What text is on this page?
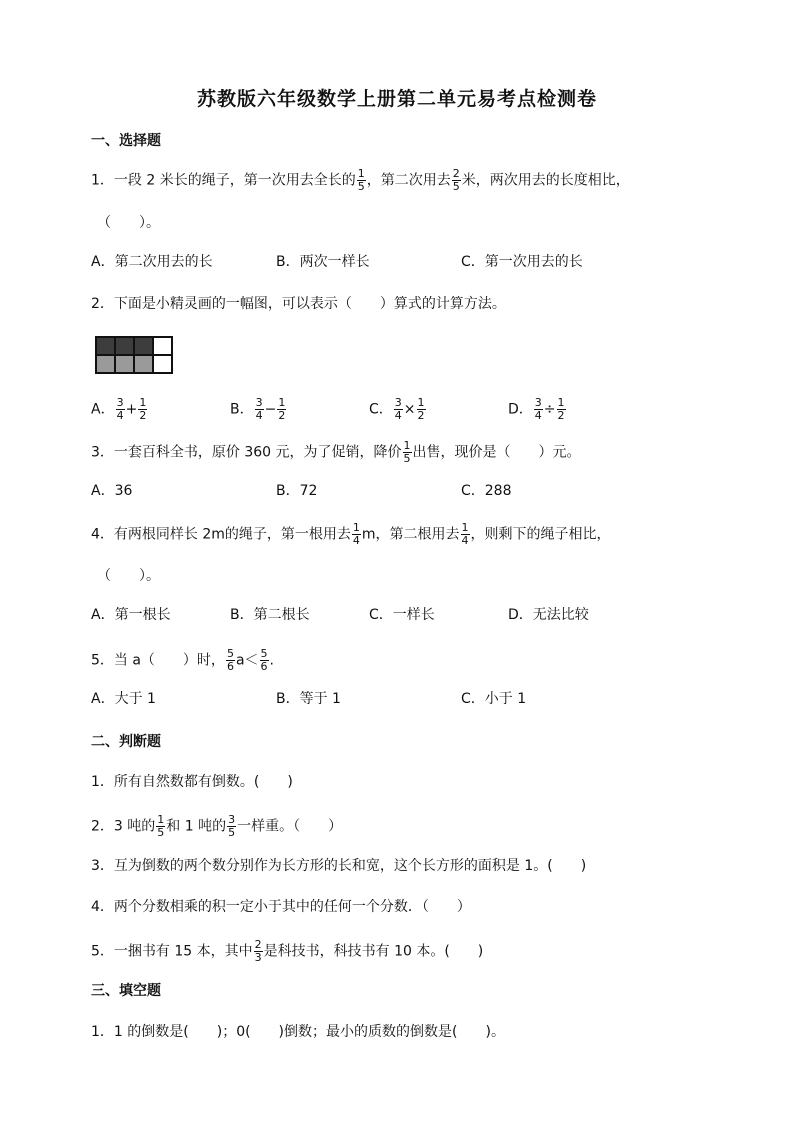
苏教版六年级数学上册第二单元易考点检测卷
一、选择题
1．一段 2 米长的绳子，第一次用去全长的 $\frac{1}{5}$ ，第二次用去 $\frac{2}{5}$ 米，两次用去的长度相比，
（　　）。
A．第二次用去的长	B．两次一样长	C．第一次用去的长
2．下面是小精灵画的一幅图，可以表示（　　）算式的计算方法。
A． $\frac{3}{4} + \frac{1}{2}$	B． $\frac{3}{4} - \frac{1}{2}$	C． $\frac{3}{4} \times \frac{1}{2}$	D． $\frac{3}{4} \div \frac{1}{2}$
3．一套百科全书，原价 360 元，为了促销，降价 $\frac{1}{5}$ 出售，现价是（　　）元。
A．36	B．72	C．288
4．有两根同样长 2m的绳子，第一根用去 $\frac{1}{4}$ m，第二根用去 $\frac{1}{4}$ ，则剩下的绳子相比，
（　　）。
A．第一根长	B．第二根长	C．一样长	D．无法比较
5．当 a（　　）时， $\frac{5}{6} a< \frac{5}{6}$ .
A．大于 1	B．等于 1	C．小于 1
二、判断题
1．所有自然数都有倒数。(　　)
2．3 吨的 $\frac{1}{5}$ 和 1 吨的 $\frac{3}{5}$ 一样重。（　　）
3．互为倒数的两个数分别作为长方形的长和宽，这个长方形的面积是 1。(　　)
4．两个分数相乘的积一定小于其中的任何一个分数．（　　）
5．一捆书有 15 本，其中 $\frac{2}{3}$ 是科技书，科技书有 10 本。(　　)
三、填空题
1．1 的倒数是(　　)；0(　　)倒数；最小的质数的倒数是(　　)。
